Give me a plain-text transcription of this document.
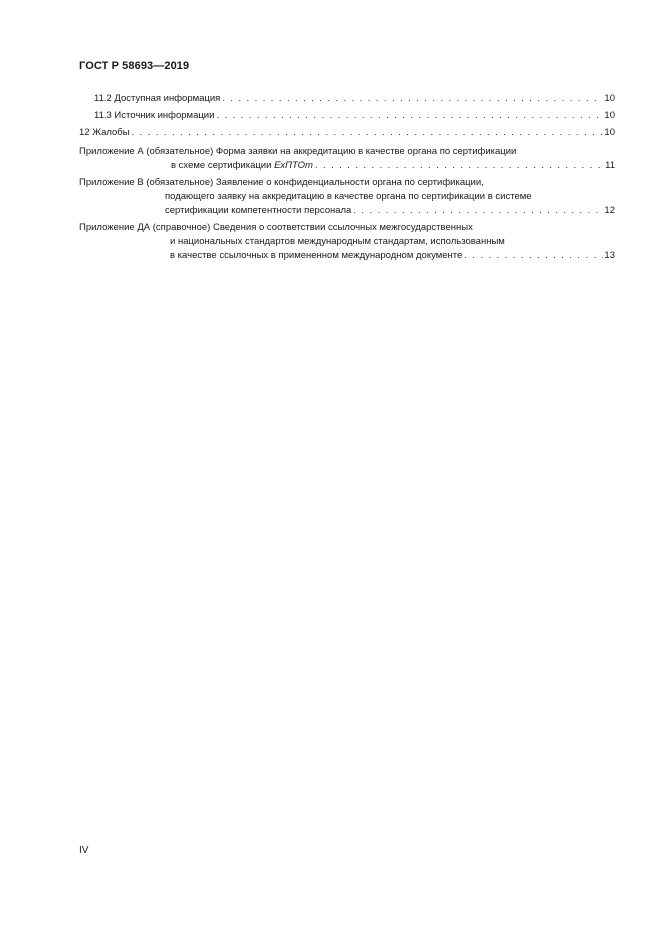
ГОСТ Р 58693—2019
11.2 Доступная информация . . .	10
11.3 Источник информации . . .	10
12 Жалобы . . .	10
Приложение А (обязательное) Форма заявки на аккредитацию в качестве органа по сертификации
в схеме сертификации ЕхПТОт . . .	11
Приложение В (обязательное) Заявление о конфиденциальности органа по сертификации,
подающего заявку на аккредитацию в качестве органа по сертификации в системе
сертификации компетентности персонала . . .	12
Приложение ДА (справочное) Сведения о соответствии ссылочных межгосударственных
и национальных стандартов международным стандартам, использованным
в качестве ссылочных в примененном международном документе . . .	13
IV
